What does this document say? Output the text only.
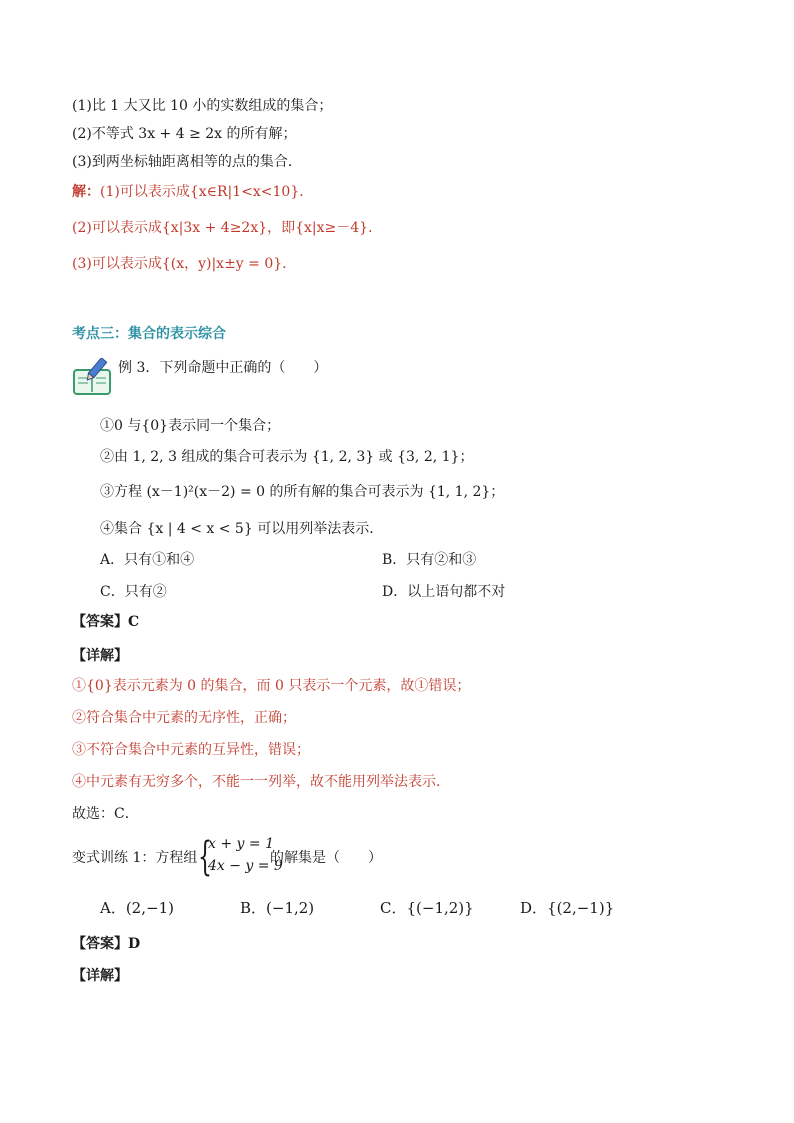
(1)比 1 大又比 10 小的实数组成的集合；
(2)不等式 3x + 4 ≥ 2x 的所有解；
(3)到两坐标轴距离相等的点的集合．
解：(1)可以表示成{x∈R|1<x<10}．
(2)可以表示成{x|3x + 4≥2x}，即{x|x≥－4}．
(3)可以表示成{(x，y)|x±y = 0}．
考点三：集合的表示综合
例 3．下列命题中正确的（　　）
①0 与{0}表示同一个集合；
②由 1, 2, 3 组成的集合可表示为 {1, 2, 3} 或 {3, 2, 1}；
③方程 (x－1)²(x－2) = 0 的所有解的集合可表示为 {1, 1, 2}；
④集合 {x | 4 < x < 5} 可以用列举法表示．
A．只有①和④	B．只有②和③
C．只有②	D．以上语句都不对
【答案】C
【详解】
①{0}表示元素为 0 的集合，而 0 只表示一个元素，故①错误；
②符合集合中元素的无序性，正确；
③不符合集合中元素的互异性，错误；
④中元素有无穷多个，不能一一列举，故不能用列举法表示．
故选：C．
变式训练 1：方程组 {
x + y = 1
4x − y = 9
的解集是（　　）
A．(2,−1)	B．(−1,2)	C．{(−1,2)}	D．{(2,−1)}
【答案】D
【详解】
